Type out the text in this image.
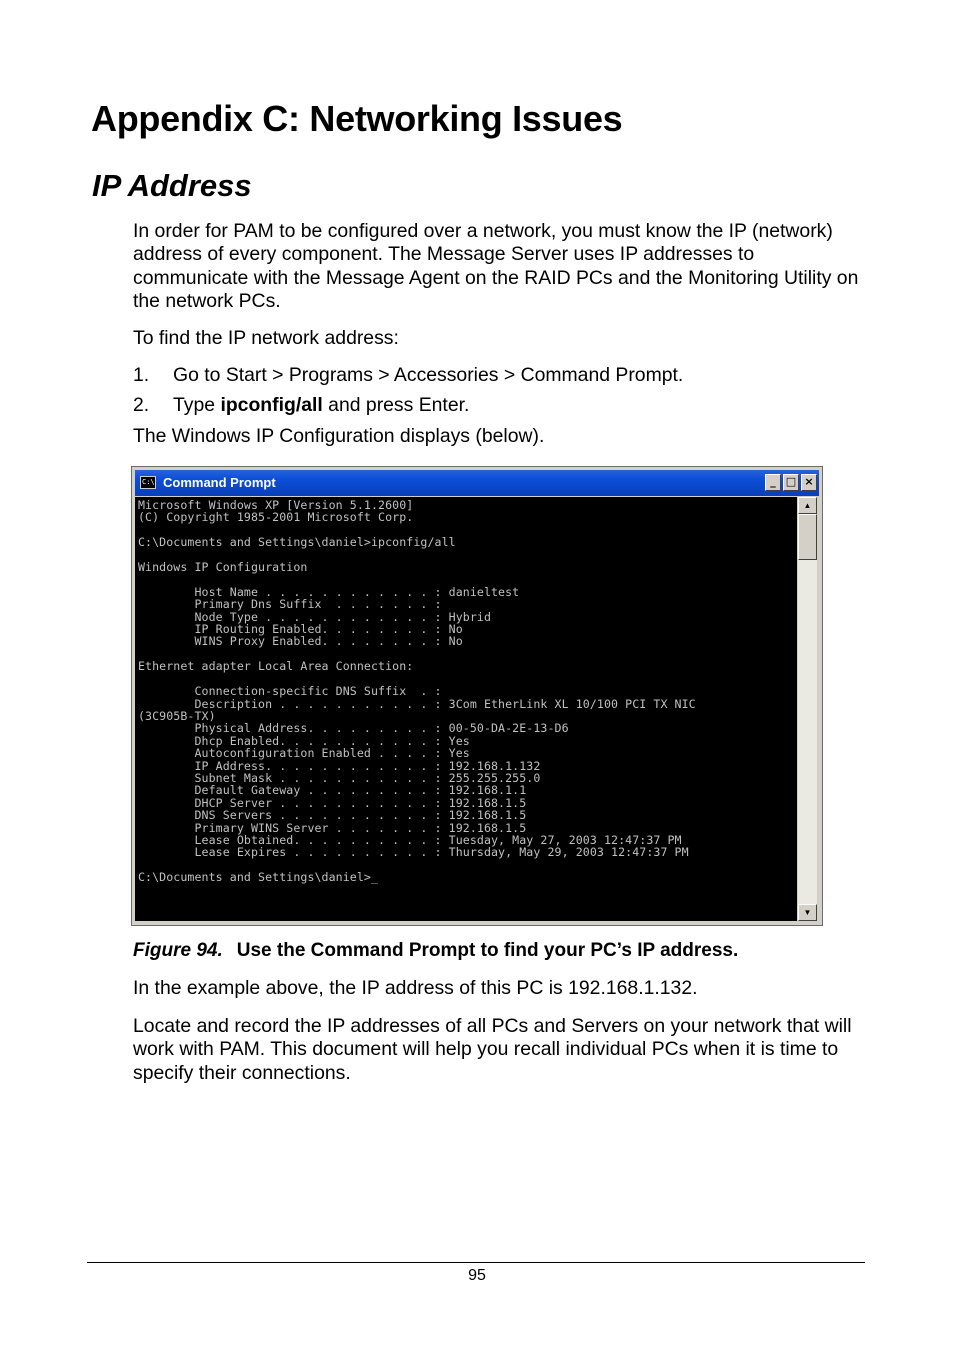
Appendix C: Networking Issues
IP Address

In order for PAM to be configured over a network, you must know the IP (network) address of every component. The Message Server uses IP addresses to communicate with the Message Agent on the RAID PCs and the Monitoring Utility on the network PCs.

To find the IP network address:

1. Go to Start > Programs > Accessories > Command Prompt.
2. Type ipconfig/all and press Enter.

The Windows IP Configuration displays (below).

C:\ Command Prompt	_ □ ×
Microsoft Windows XP [Version 5.1.2600]
(C) Copyright 1985-2001 Microsoft Corp.

C:\Documents and Settings\daniel>ipconfig/all

Windows IP Configuration

Host Name . . . . . . . . . . . . : danieltest
Primary Dns Suffix  . . . . . . . :
Node Type . . . . . . . . . . . . : Hybrid
IP Routing Enabled. . . . . . . . : No
WINS Proxy Enabled. . . . . . . . : No

Ethernet adapter Local Area Connection:

Connection-specific DNS Suffix  . :
Description . . . . . . . . . . . : 3Com EtherLink XL 10/100 PCI TX NIC
(3C905B-TX)
Physical Address. . . . . . . . . : 00-50-DA-2E-13-D6
Dhcp Enabled. . . . . . . . . . . : Yes
Autoconfiguration Enabled . . . . : Yes
IP Address. . . . . . . . . . . . : 192.168.1.132
Subnet Mask . . . . . . . . . . . : 255.255.255.0
Default Gateway . . . . . . . . . : 192.168.1.1
DHCP Server . . . . . . . . . . . : 192.168.1.5
DNS Servers . . . . . . . . . . . : 192.168.1.5
Primary WINS Server . . . . . . . : 192.168.1.5
Lease Obtained. . . . . . . . . . : Tuesday, May 27, 2003 12:47:37 PM
Lease Expires . . . . . . . . . . : Thursday, May 29, 2003 12:47:37 PM

C:\Documents and Settings\daniel>_
▲
▼
Figure 94. Use the Command Prompt to find your PC’s IP address.

In the example above, the IP address of this PC is 192.168.1.132.

Locate and record the IP addresses of all PCs and Servers on your network that will work with PAM. This document will help you recall individual PCs when it is time to specify their connections.

95
